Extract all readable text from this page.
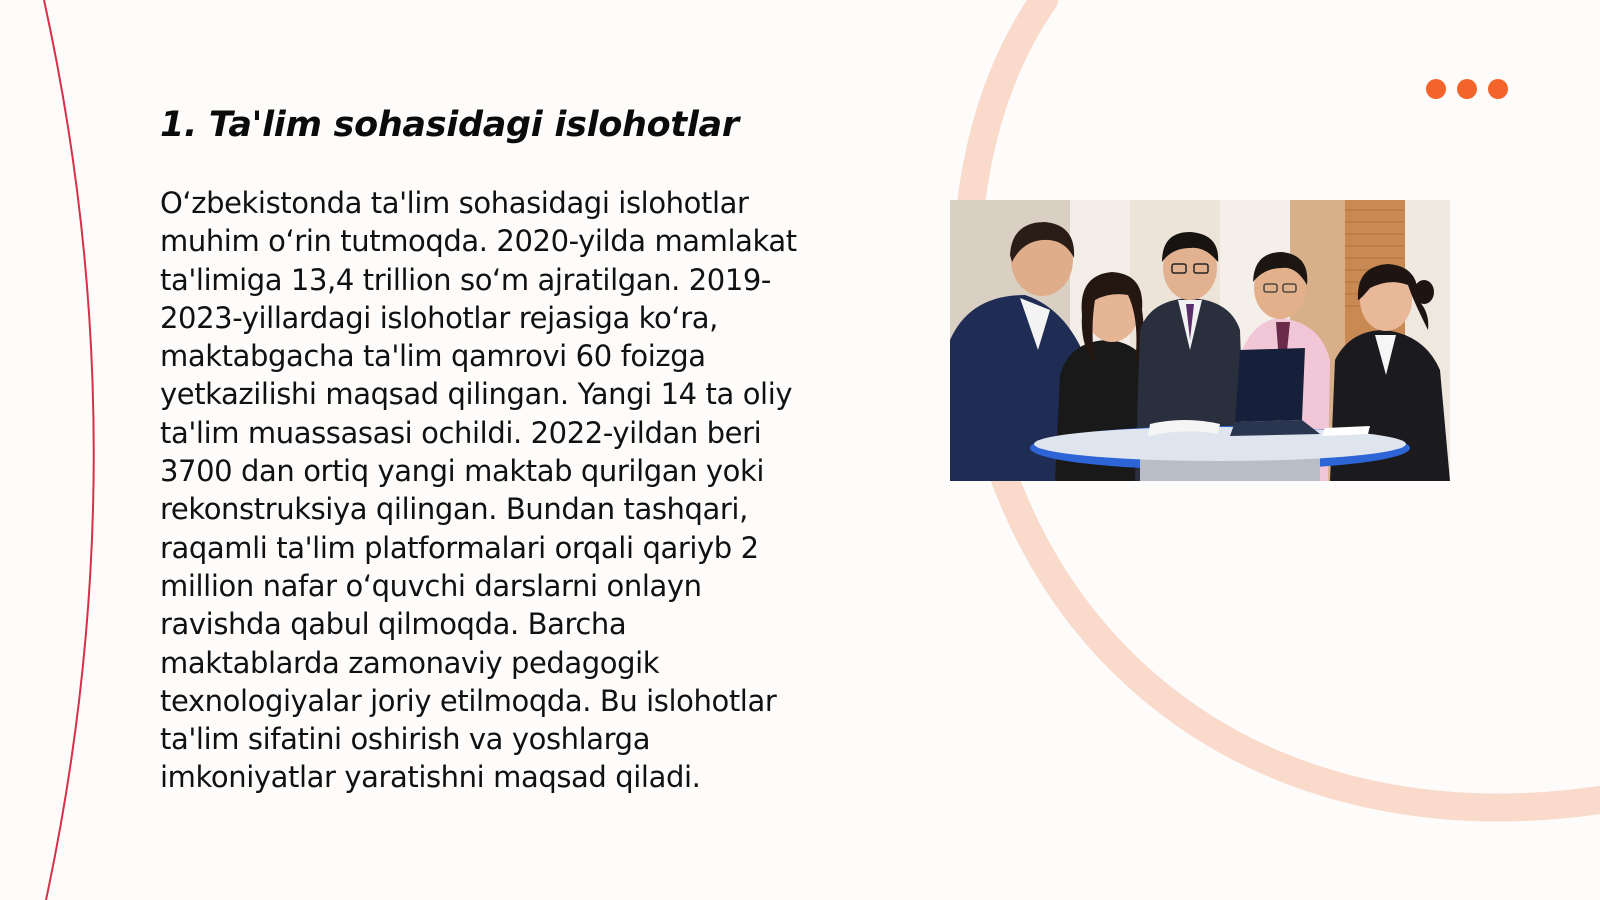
1. Ta'lim sohasidagi islohotlar
O‘zbekistonda ta'lim sohasidagi islohotlar
muhim o‘rin tutmoqda. 2020-yilda mamlakat
ta'limiga 13,4 trillion so‘m ajratilgan. 2019-
2023-yillardagi islohotlar rejasiga ko‘ra,
maktabgacha ta'lim qamrovi 60 foizga
yetkazilishi maqsad qilingan. Yangi 14 ta oliy
ta'lim muassasasi ochildi. 2022-yildan beri
3700 dan ortiq yangi maktab qurilgan yoki
rekonstruksiya qilingan. Bundan tashqari,
raqamli ta'lim platformalari orqali qariyb 2
million nafar o‘quvchi darslarni onlayn
ravishda qabul qilmoqda. Barcha
maktablarda zamonaviy pedagogik
texnologiyalar joriy etilmoqda. Bu islohotlar
ta'lim sifatini oshirish va yoshlarga
imkoniyatlar yaratishni maqsad qiladi.
